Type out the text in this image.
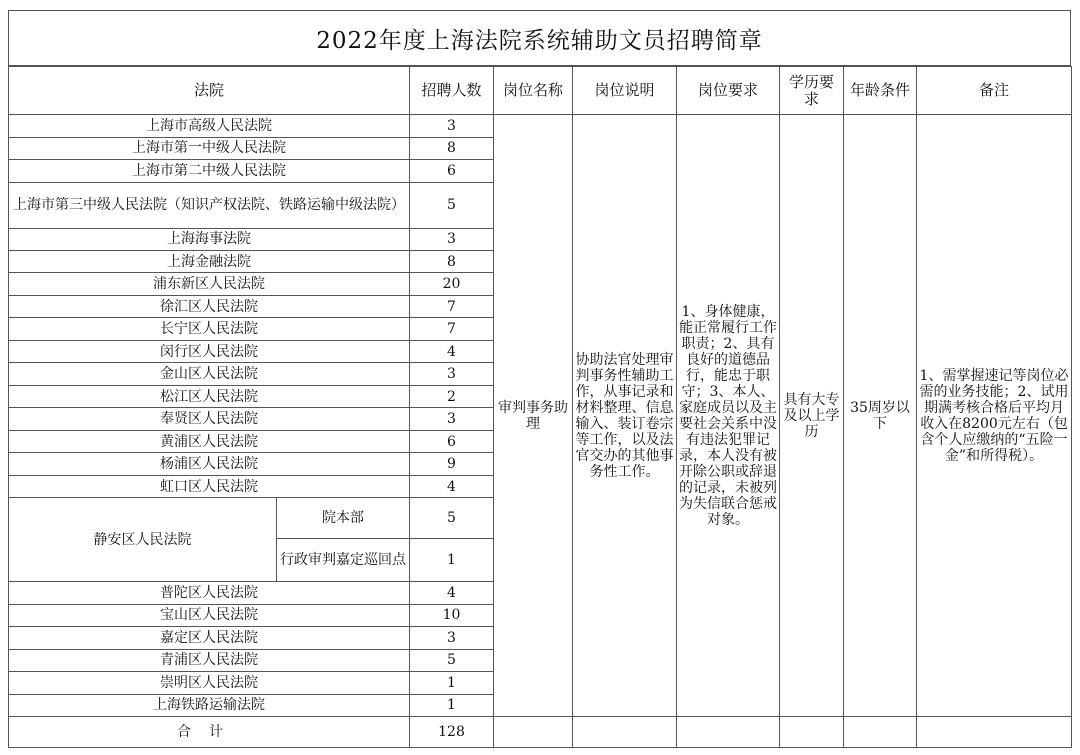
2022年度上海法院系统辅助文员招聘简章
法院		招聘人数	岗位名称	岗位说明	岗位要求	学历要求	年龄条件	备注
上海市高级人民法院		3	审判事务助理	协助法官处理审判事务性辅助工作，从事记录和材料整理、信息输入、装订卷宗等工作，以及法官交办的其他事务性工作。	1、身体健康，能正常履行工作职责；2、具有良好的道德品行，能忠于职守；3、本人、家庭成员以及主要社会关系中没有违法犯罪记录，本人没有被开除公职或辞退的记录，未被列为失信联合惩戒对象。	具有大专及以上学历	35周岁以下	1、需掌握速记等岗位必需的业务技能；2、试用期满考核合格后平均月收入在8200元左右（包含个人应缴纳的“五险一金”和所得税）。
上海市第一中级人民法院		8						
上海市第二中级人民法院		6						
上海市第三中级人民法院（知识产权法院、铁路运输中级法院）		5						
上海海事法院		3						
上海金融法院		8						
浦东新区人民法院		20						
徐汇区人民法院		7						
长宁区人民法院		7						
闵行区人民法院		4						
金山区人民法院		3						
松江区人民法院		2						
奉贤区人民法院		3						
黄浦区人民法院		6						
杨浦区人民法院		9						
虹口区人民法院		4						
静安区人民法院	院本部	5						
	行政审判嘉定巡回点	1						
普陀区人民法院		4						
宝山区人民法院		10						
嘉定区人民法院		3						
青浦区人民法院		5						
崇明区人民法院		1						
上海铁路运输法院		1						
合计		128						
